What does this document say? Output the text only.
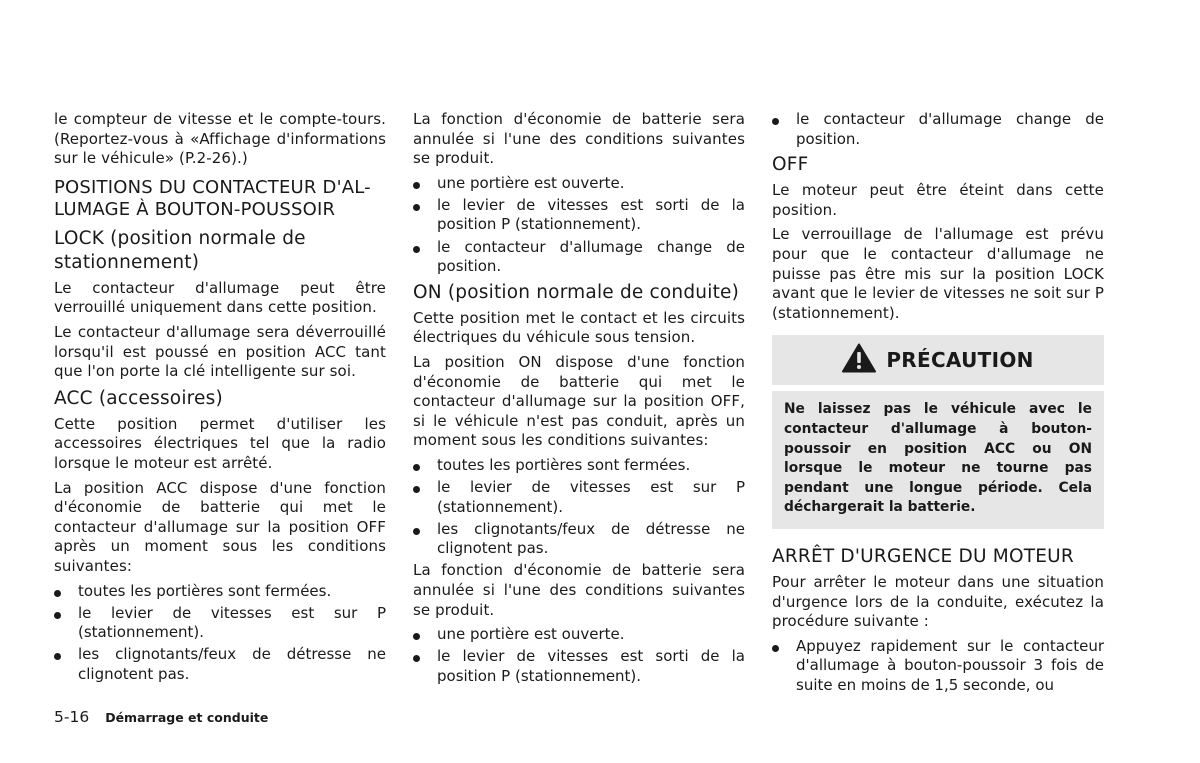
le compteur de vitesse et le compte-tours. (Reportez-vous à «Affichage d'informations sur le véhicule» (P.2-26).)

POSITIONS DU CONTACTEUR D'AL-LUMAGE À BOUTON-POUSSOIR
LOCK (position normale de stationnement)

Le contacteur d'allumage peut être verrouillé uniquement dans cette position.

Le contacteur d'allumage sera déverrouillé lorsqu'il est poussé en position ACC tant que l'on porte la clé intelligente sur soi.

ACC (accessoires)

Cette position permet d'utiliser les accessoires électriques tel que la radio lorsque le moteur est arrêté.

La position ACC dispose d'une fonction d'économie de batterie qui met le contacteur d'allumage sur la position OFF après un moment sous les conditions suivantes:

toutes les portières sont fermées.
le levier de vitesses est sur P (stationnement).
les clignotants/feux de détresse ne clignotent pas.

La fonction d'économie de batterie sera annulée si l'une des conditions suivantes se produit.

une portière est ouverte.
le levier de vitesses est sorti de la position P (stationnement).
le contacteur d'allumage change de position.
ON (position normale de conduite)

Cette position met le contact et les circuits électriques du véhicule sous tension.

La position ON dispose d'une fonction d'économie de batterie qui met le contacteur d'allumage sur la position OFF, si le véhicule n'est pas conduit, après un moment sous les conditions suivantes:

toutes les portières sont fermées.
le levier de vitesses est sur P (stationnement).
les clignotants/feux de détresse ne clignotent pas.

La fonction d'économie de batterie sera annulée si l'une des conditions suivantes se produit.

une portière est ouverte.
le levier de vitesses est sorti de la position P (stationnement).
le contacteur d'allumage change de position.
OFF

Le moteur peut être éteint dans cette position.

Le verrouillage de l'allumage est prévu pour que le contacteur d'allumage ne puisse pas être mis sur la position LOCK avant que le levier de vitesses ne soit sur P (stationnement).

PRÉCAUTION
Ne laissez pas le véhicule avec le contacteur d'allumage à bouton-poussoir en position ACC ou ON lorsque le moteur ne tourne pas pendant une longue période. Cela déchargerait la batterie.
ARRÊT D'URGENCE DU MOTEUR

Pour arrêter le moteur dans une situation d'urgence lors de la conduite, exécutez la procédure suivante :

Appuyez rapidement sur le contacteur d'allumage à bouton-poussoir 3 fois de suite en moins de 1,5 seconde, ou
5-16 Démarrage et conduite
